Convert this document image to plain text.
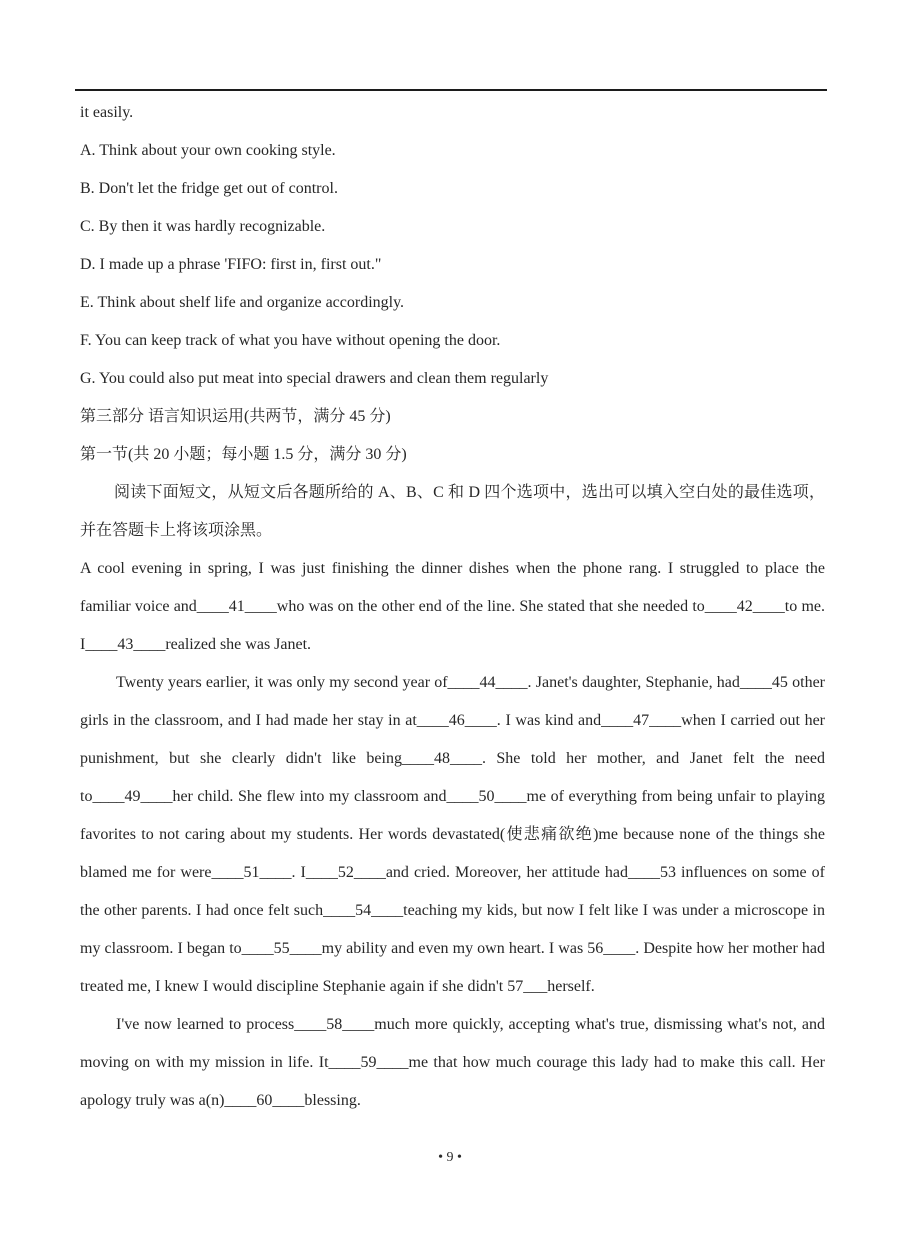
it easily.
A. Think about your own cooking style.
B. Don't let the fridge get out of control.
C. By then it was hardly recognizable.
D. I made up a phrase 'FIFO: first in, first out."
E. Think about shelf life and organize accordingly.
F. You can keep track of what you have without opening the door.
G. You could also put meat into special drawers and clean them regularly
第三部分 语言知识运用(共两节，满分 45 分)
第一节(共 20 小题；每小题 1.5 分，满分 30 分)
阅读下面短文，从短文后各题所给的 A、B、C 和 D 四个选项中，选出可以填入空白处的最佳选项，并在答题卡上将该项涂黑。
A cool evening in spring, I was just finishing the dinner dishes when the phone rang. I struggled to place the familiar voice and____41____who was on the other end of the line. She stated that she needed to____42____to me. I____43____realized she was Janet.
Twenty years earlier, it was only my second year of____44____. Janet's daughter, Stephanie, had____45 other girls in the classroom, and I had made her stay in at____46____. I was kind and____47____when I carried out her punishment, but she clearly didn't like being____48____. She told her mother, and Janet felt the need to____49____her child. She flew into my classroom and____50____me of everything from being unfair to playing favorites to not caring about my students. Her words devastated(使悲痛欲绝)me because none of the things she blamed me for were____51____. I____52____and cried. Moreover, her attitude had____53 influences on some of the other parents. I had once felt such____54____teaching my kids, but now I felt like I was under a microscope in my classroom. I began to____55____my ability and even my own heart. I was 56____. Despite how her mother had treated me, I knew I would discipline Stephanie again if she didn't 57___herself.
I've now learned to process____58____much more quickly, accepting what's true, dismissing what's not, and moving on with my mission in life. It____59____me that how much courage this lady had to make this call. Her apology truly was a(n)____60____blessing.
• 9 •
